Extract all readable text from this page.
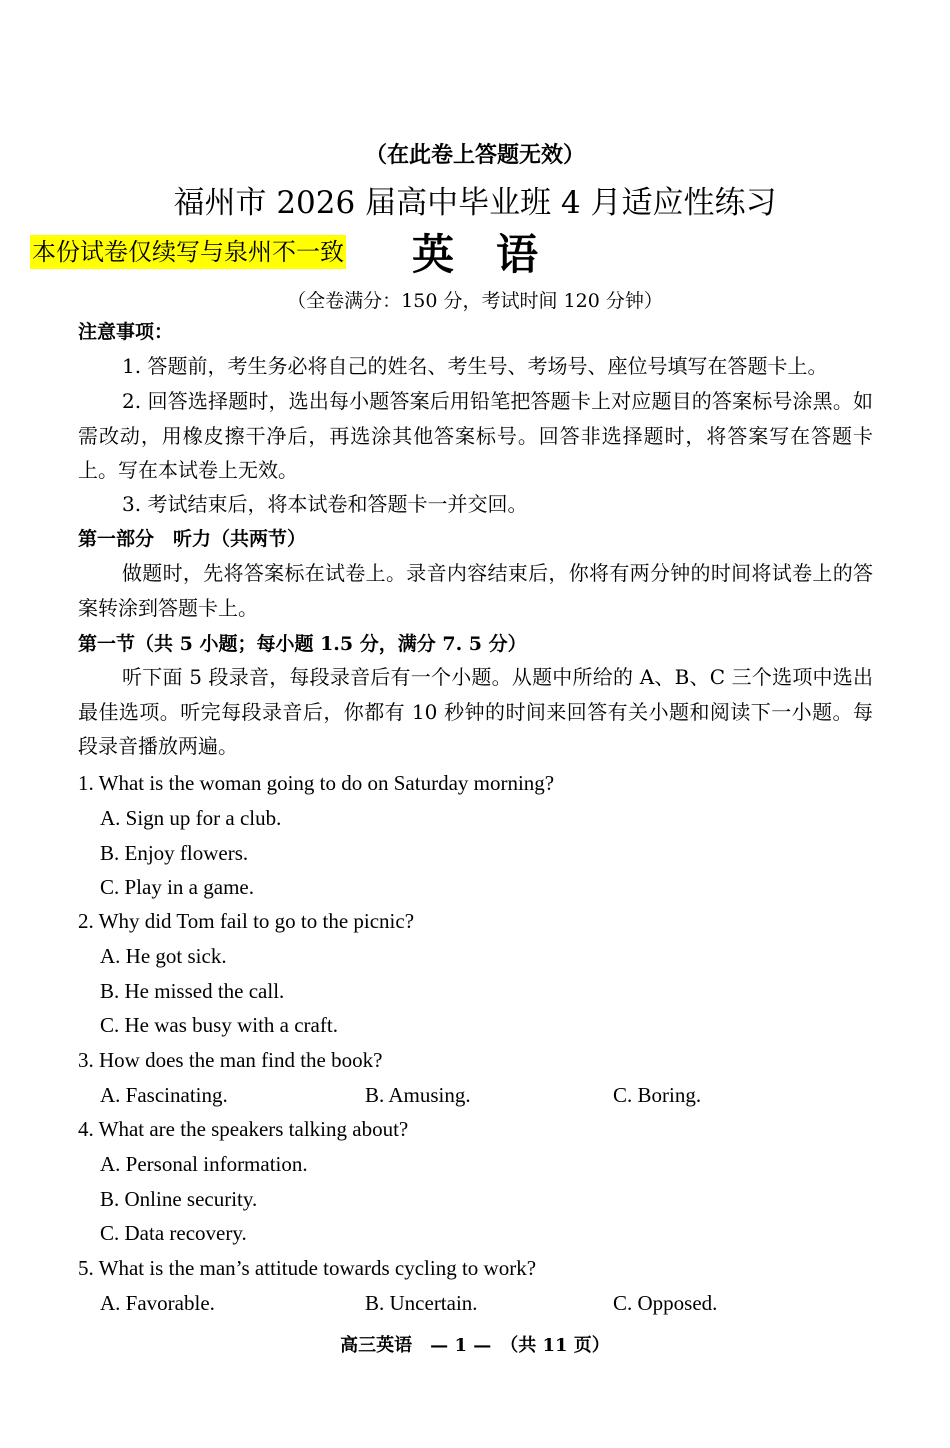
（在此卷上答题无效）
福州市 2026 届高中毕业班 4 月适应性练习
本份试卷仅续写与泉州不一致	英　语
（全卷满分：150 分，考试时间 120 分钟）
注意事项：
1. 答题前，考生务必将自己的姓名、考生号、考场号、座位号填写在答题卡上。
2. 回答选择题时，选出每小题答案后用铅笔把答题卡上对应题目的答案标号涂黑。如需改动，用橡皮擦干净后，再选涂其他答案标号。回答非选择题时，将答案写在答题卡上。写在本试卷上无效。
3. 考试结束后，将本试卷和答题卡一并交回。
第一部分　听力（共两节）
做题时，先将答案标在试卷上。录音内容结束后，你将有两分钟的时间将试卷上的答案转涂到答题卡上。
第一节（共 5 小题；每小题 1.5 分，满分 7. 5 分）
听下面 5 段录音，每段录音后有一个小题。从题中所给的 A、B、C 三个选项中选出最佳选项。听完每段录音后，你都有 10 秒钟的时间来回答有关小题和阅读下一小题。每段录音播放两遍。
1. What is the woman going to do on Saturday morning?
A. Sign up for a club.
B. Enjoy flowers.
C. Play in a game.
2. Why did Tom fail to go to the picnic?
A. He got sick.
B. He missed the call.
C. He was busy with a craft.
3. How does the man find the book?
A. Fascinating.	B. Amusing.	C. Boring.
4. What are the speakers talking about?
A. Personal information.
B. Online security.
C. Data recovery.
5. What is the man’s attitude towards cycling to work?
A. Favorable.	B. Uncertain.	C. Opposed.
高三英语　— 1 —　（共 11 页）
